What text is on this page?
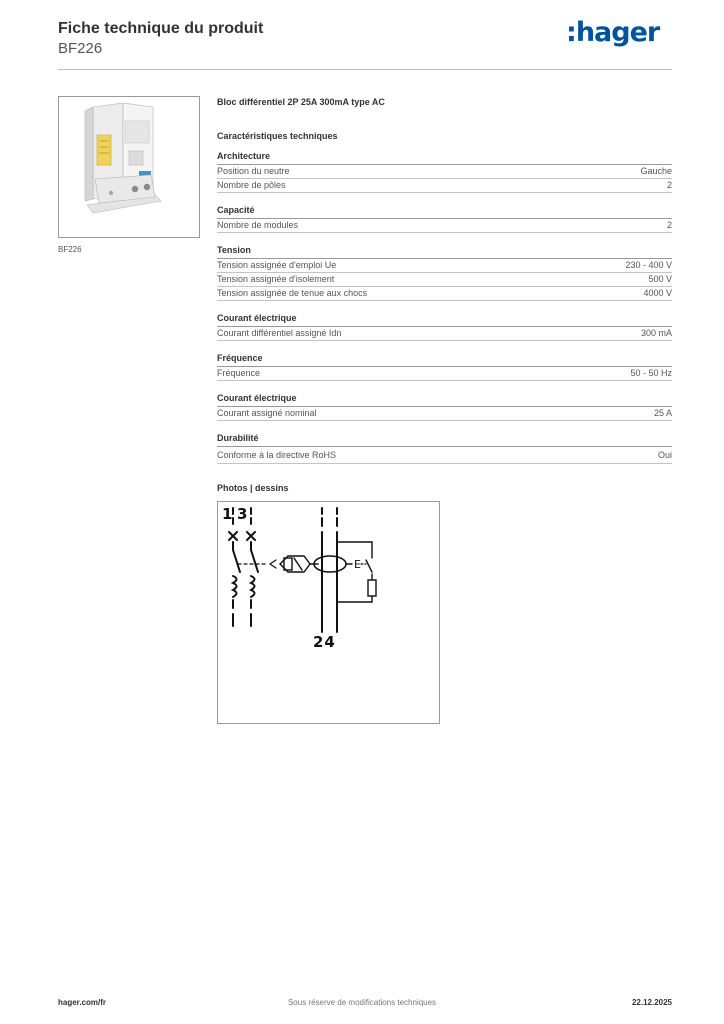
Fiche technique du produit
BF226
:hager
BF226
Bloc différentiel 2P 25A 300mA type AC
Caractéristiques techniques
Architecture
Position du neutre	Gauche
Nombre de pôles	2
Capacité
Nombre de modules	2
Tension
Tension assignée d'emploi Ue	230 - 400 V
Tension assignée d'isolement	500 V
Tension assignée de tenue aux chocs	4000 V
Courant électrique
Courant différentiel assigné Idn	300 mA
Fréquence
Fréquence	50 - 50 Hz
Courant électrique
Courant assigné nominal	25 A
Durabilité
Conforme à la directive RoHS	Oui
Photos | dessins
1 3
E
24
hager.com/fr	Sous réserve de modifications techniques	22.12.2025
